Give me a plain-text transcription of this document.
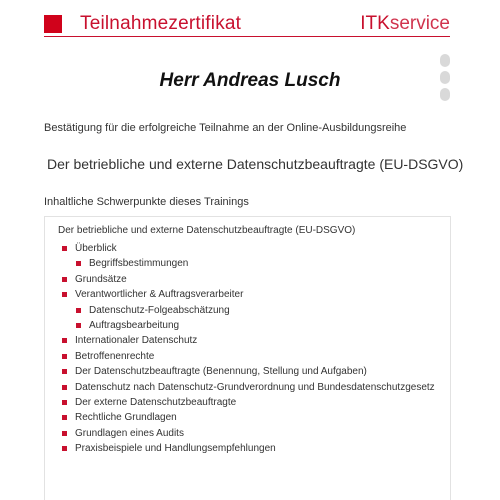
Teilnahmezertifikat	ITKservice
Herr Andreas Lusch
Bestätigung für die erfolgreiche Teilnahme an der Online-Ausbildungsreihe
Der betriebliche und externe Datenschutzbeauftragte (EU-DSGVO)
Inhaltliche Schwerpunkte dieses Trainings
Der betriebliche und externe Datenschutzbeauftragte (EU-DSGVO)
Überblick
Begriffsbestimmungen
Grundsätze
Verantwortlicher & Auftragsverarbeiter
Datenschutz-Folgeabschätzung
Auftragsbearbeitung
Internationaler Datenschutz
Betroffenenrechte
Der Datenschutzbeauftragte (Benennung, Stellung und Aufgaben)
Datenschutz nach Datenschutz-Grundverordnung und Bundesdatenschutzgesetz
Der externe Datenschutzbeauftragte
Rechtliche Grundlagen
Grundlagen eines Audits
Praxisbeispiele und Handlungsempfehlungen
